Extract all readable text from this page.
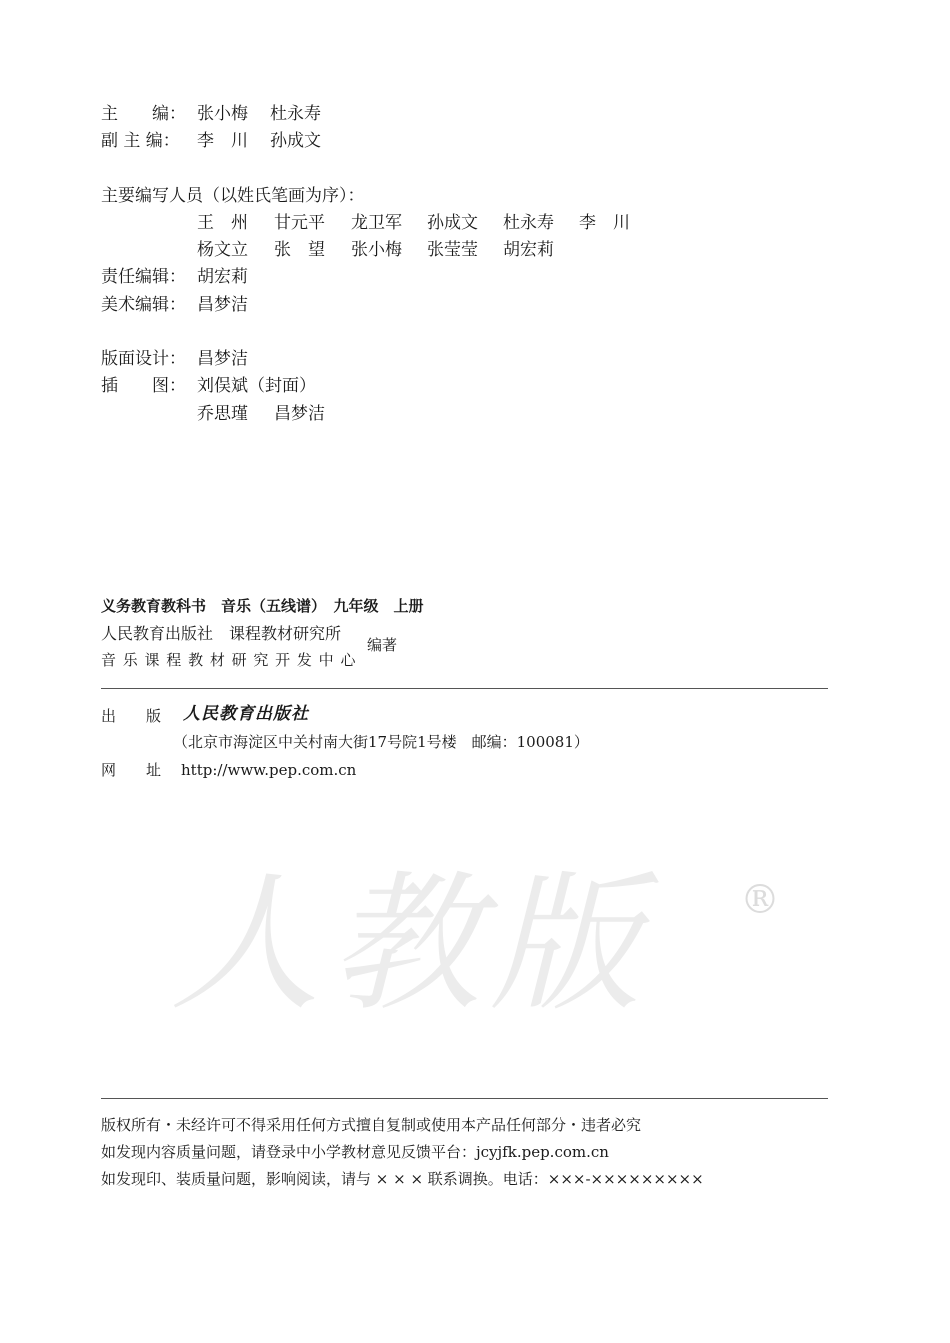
主　　编： 张小梅 杜永寿
副 主 编： 李　川 孙成文
主要编写人员（以姓氏笔画为序）：
王　州 甘元平 龙卫军 孙成文 杜永寿 李　川
杨文立 张　望 张小梅 张莹莹 胡宏莉
责任编辑： 胡宏莉
美术编辑： 昌梦洁
版面设计： 昌梦洁
插　　图： 刘俣斌（封面）
乔思瑾 昌梦洁
义务教育教科书　音乐（五线谱）　九年级　上册
人民教育出版社　课程教材研究所
音 乐 课 程 教 材 研 究 开 发 中 心
编著
出　　版 人民教育出版社
（北京市海淀区中关村南大街17号院1号楼　邮编：100081）
网　　址 http://www.pep.com.cn
人教版 ®
版权所有・未经许可不得采用任何方式擅自复制或使用本产品任何部分・违者必究
如发现内容质量问题，请登录中小学教材意见反馈平台：jcyjfk.pep.com.cn
如发现印、装质量问题，影响阅读，请与 × × × 联系调换。电话：×××-×××××××××
